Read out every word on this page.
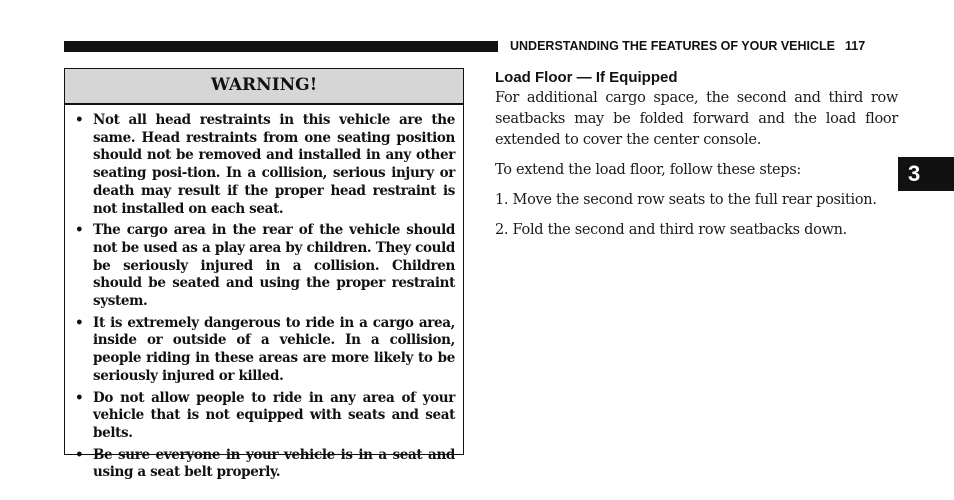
UNDERSTANDING THE FEATURES OF YOUR VEHICLE 117
WARNING!
• Not all head restraints in this vehicle are the same. Head restraints from one seating position should not be removed and installed in any other seating posi-tion. In a collision, serious injury or death may result if the proper head restraint is not installed on each seat.
• The cargo area in the rear of the vehicle should not be used as a play area by children. They could be seriously injured in a collision. Children should be seated and using the proper restraint system.
• It is extremely dangerous to ride in a cargo area, inside or outside of a vehicle. In a collision, people riding in these areas are more likely to be seriously injured or killed.
• Do not allow people to ride in any area of your vehicle that is not equipped with seats and seat belts.
• Be sure everyone in your vehicle is in a seat and using a seat belt properly.
Load Floor — If Equipped

For additional cargo space, the second and third row seatbacks may be folded forward and the load floor extended to cover the center console.

To extend the load floor, follow these steps:

1. Move the second row seats to the full rear position.
2. Fold the second and third row seatbacks down.
3
